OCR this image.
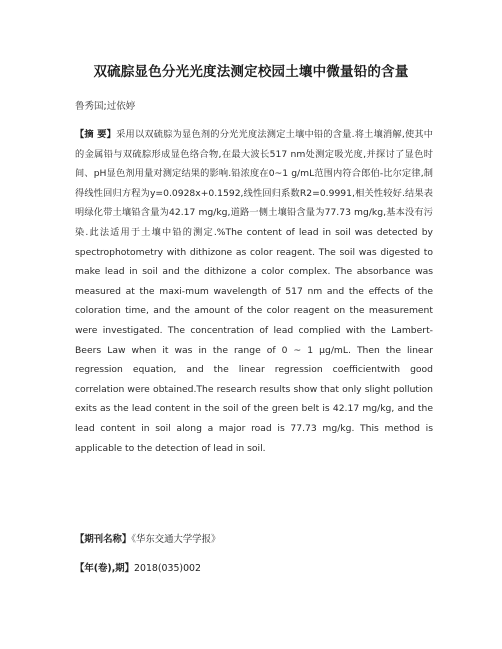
双硫腙显色分光光度法测定校园土壤中微量铅的含量
鲁秀国;过依婷
【摘 要】采用以双硫腙为显色剂的分光光度法测定土壤中铅的含量.将土壤消解,使其中的金属铅与双硫腙形成显色络合物,在最大波长517 nm处测定吸光度,并探讨了显色时间、pH显色剂用量对测定结果的影响.铅浓度在0~1 g/mL范围内符合郎伯-比尔定律,制得线性回归方程为y=0.0928x+0.1592,线性回归系数R2=0.9991,相关性较好.结果表明绿化带土壤铅含量为42.17 mg/kg,道路一侧土壤铅含量为77.73 mg/kg,基本没有污染.此法适用于土壤中铅的测定.%The content of lead in soil was detected by spectrophotometry with dithizone as color reagent. The soil was digested to make lead in soil and the dithizone a color complex. The absorbance was measured at the maxi-mum wavelength of 517 nm and the effects of the coloration time, and the amount of the color reagent on the measurement were investigated. The concentration of lead complied with the Lambert-Beers Law when it was in the range of 0 ~ 1 μg/mL. Then the linear regression equation, and the linear regression coefficientwith good correlation were obtained.The research results show that only slight pollution exits as the lead content in the soil of the green belt is 42.17 mg/kg, and the lead content in soil along a major road is 77.73 mg/kg. This method is applicable to the detection of lead in soil.
【期刊名称】《华东交通大学学报》
【年(卷),期】2018(035)002
